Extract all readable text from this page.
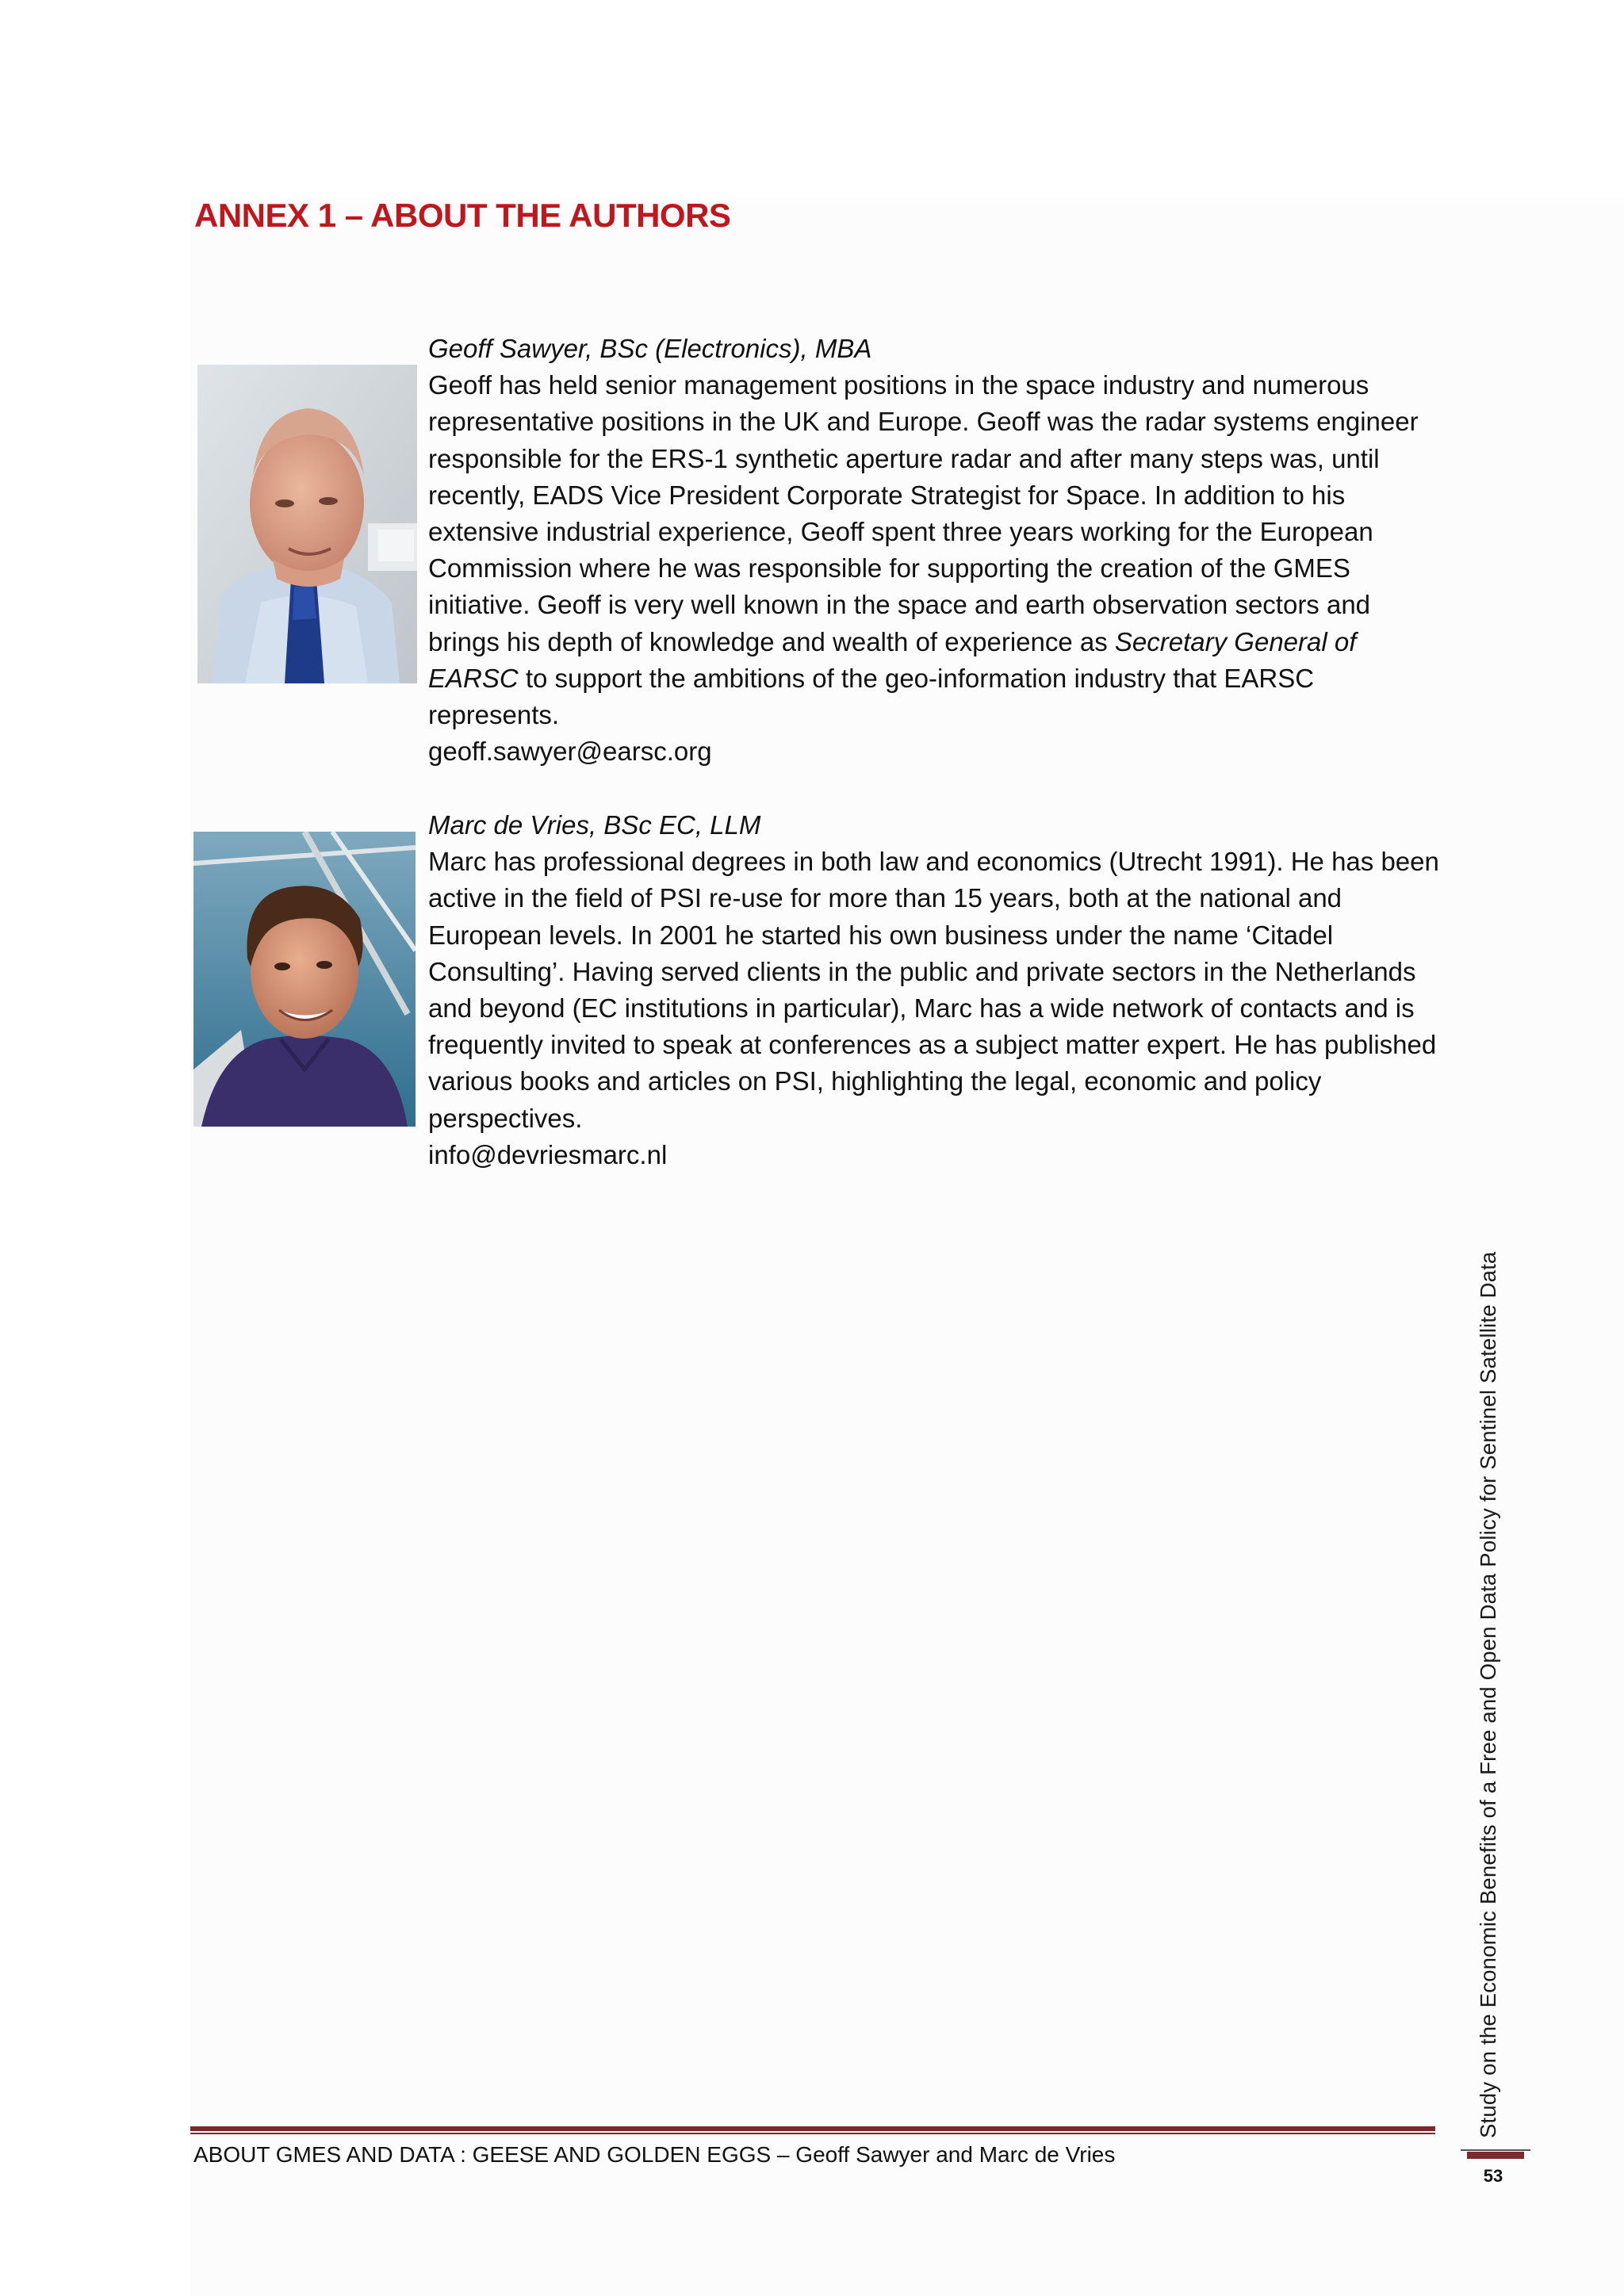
ANNEX 1 – ABOUT THE AUTHORS

Geoff Sawyer, BSc (Electronics), MBA

Geoff has held senior management positions in the space industry and numerous representative positions in the UK and Europe. Geoff was the radar systems engineer responsible for the ERS-1 synthetic aperture radar and after many steps was, until recently, EADS Vice President Corporate Strategist for Space. In addition to his extensive industrial experience, Geoff spent three years working for the European Commission where he was responsible for supporting the creation of the GMES initiative. Geoff is very well known in the space and earth observation sectors and brings his depth of knowledge and wealth of experience as Secretary General of EARSC to support the ambitions of the geo-information industry that EARSC represents.

geoff.sawyer@earsc.org

Marc de Vries, BSc EC, LLM

Marc has professional degrees in both law and economics (Utrecht 1991). He has been active in the field of PSI re-use for more than 15 years, both at the national and European levels. In 2001 he started his own business under the name ‘Citadel Consulting’. Having served clients in the public and private sectors in the Netherlands and beyond (EC institutions in particular), Marc has a wide network of contacts and is frequently invited to speak at conferences as a subject matter expert. He has published various books and articles on PSI, highlighting the legal, economic and policy perspectives.

info@devriesmarc.nl

Study on the Economic Benefits of a Free and Open Data Policy for Sentinel Satellite Data
ABOUT GMES AND DATA : GEESE AND GOLDEN EGGS – Geoff Sawyer and Marc de Vries
53
